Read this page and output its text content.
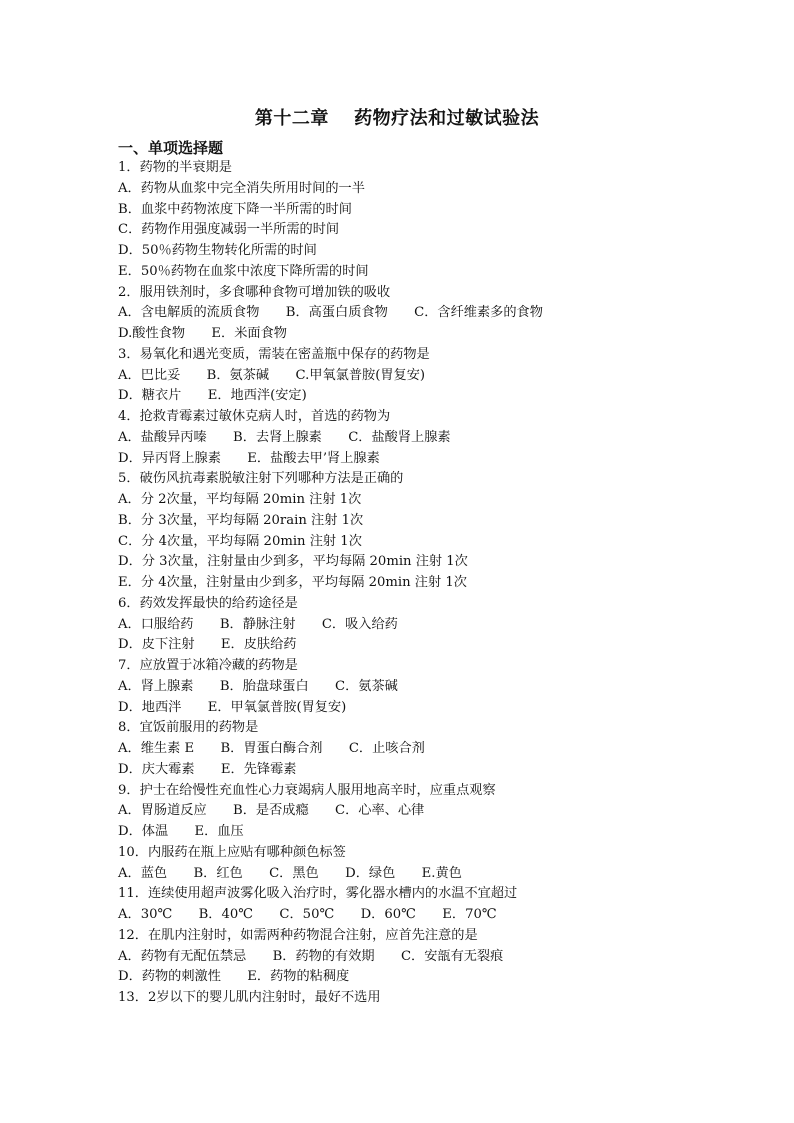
第十二章　 药物疗法和过敏试验法
一、单项选择题
1．药物的半衰期是
A．药物从血浆中完全消失所用时间的一半
B．血浆中药物浓度下降一半所需的时间
C．药物作用强度减弱一半所需的时间
D．50％药物生物转化所需的时间
E．50％药物在血浆中浓度下降所需的时间
2．服用铁剂时，多食哪种食物可增加铁的吸收
A．含电解质的流质食物　　B．高蛋白质食物　　C．含纤维素多的食物
D.酸性食物　　E．米面食物
3．易氧化和遇光变质，需装在密盖瓶中保存的药物是
A．巴比妥　　B．氨茶碱　　C.甲氧氯普胺(胃复安)
D．糖衣片　　E．地西泮(安定)
4．抢救青霉素过敏休克病人时，首选的药物为
A．盐酸异丙嗪　　B．去肾上腺素　　C．盐酸肾上腺素
D．异丙肾上腺素　　E．盐酸去甲’肾上腺素
5．破伤风抗毒素脱敏注射下列哪种方法是正确的
A．分 2次量，平均每隔 20min 注射 1次
B．分 3次量，平均每隔 20rain 注射 1次
C．分 4次量，平均每隔 20min 注射 1次
D．分 3次量，注射量由少到多，平均每隔 20min 注射 1次
E．分 4次量，注射量由少到多，平均每隔 20min 注射 1次
6．药效发挥最快的给药途径是
A．口服给药　　B．静脉注射　　C．吸入给药
D．皮下注射　　E．皮肤给药
7．应放置于冰箱冷藏的药物是
A．肾上腺素　　B．胎盘球蛋白　　C．氨茶碱
D．地西泮　　E．甲氧氯普胺(胃复安)
8．宜饭前服用的药物是
A．维生素 E　　B．胃蛋白酶合剂　　C．止咳合剂
D．庆大霉素　　E．先锋霉素
9．护士在给慢性充血性心力衰竭病人服用地高辛时，应重点观察
A．胃肠道反应　　B．是否成瘾　　C．心率、心律
D．体温　　E．血压
10．内服药在瓶上应贴有哪种颜色标签
A．蓝色　　B．红色　　C．黑色　　D．绿色　　E.黄色
11．连续使用超声波雾化吸入治疗时，雾化器水槽内的水温不宜超过
A．30℃　　B．40℃　　C．50℃　　D．60℃　　E．70℃
12．在肌内注射时，如需两种药物混合注射，应首先注意的是
A．药物有无配伍禁忌　　B．药物的有效期　　C．安瓿有无裂痕
D．药物的刺激性　　E．药物的粘稠度
13．2岁以下的婴儿肌内注射时，最好不选用
